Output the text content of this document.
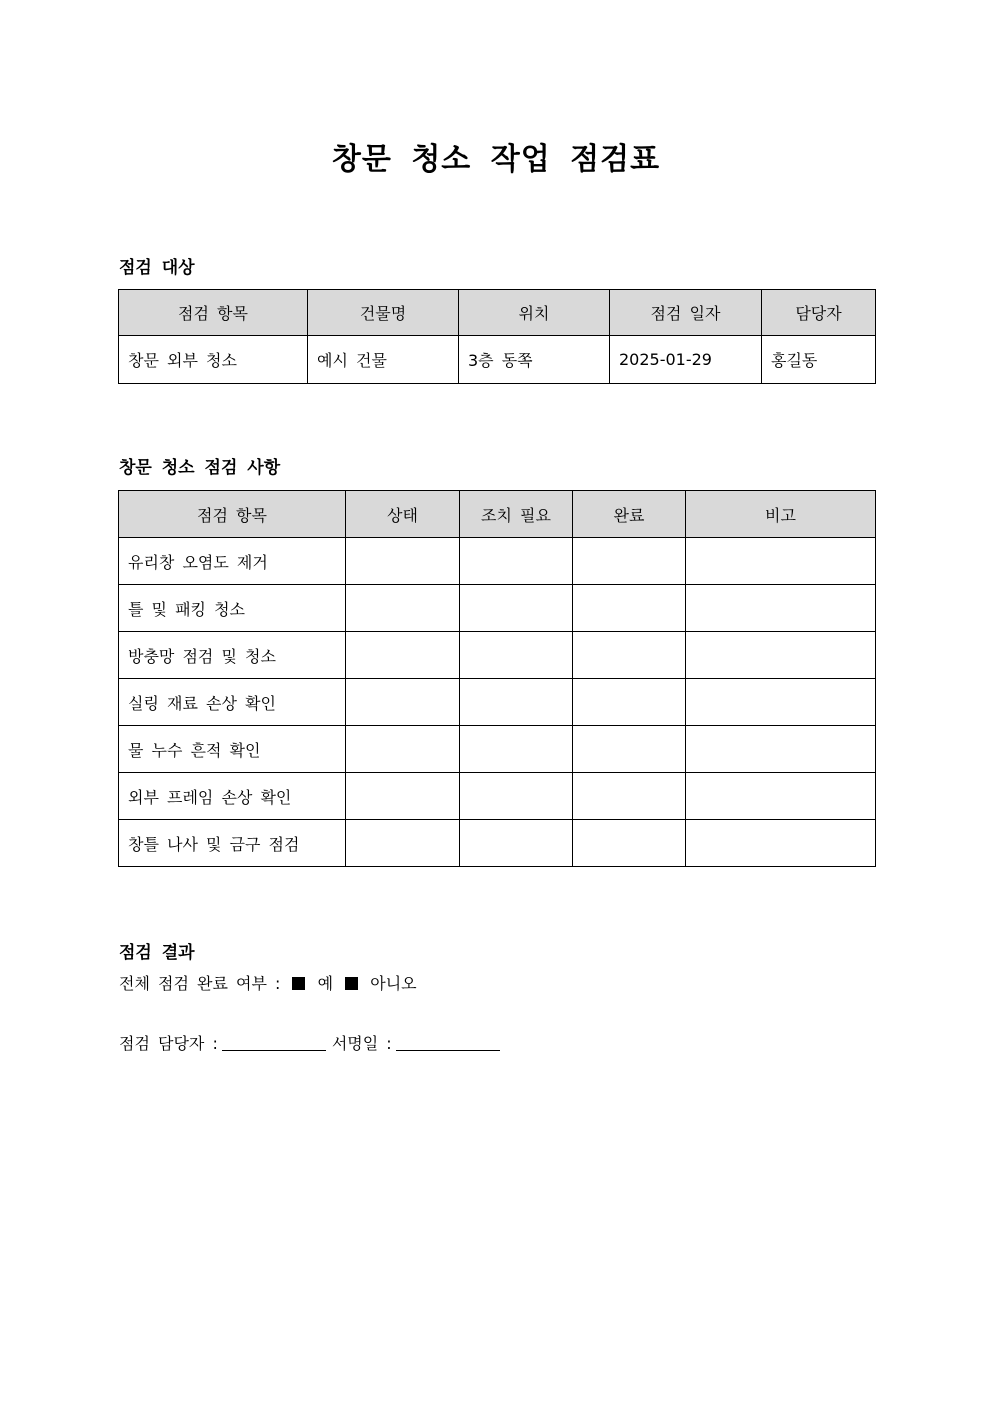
창문 청소 작업 점검표
점검 대상
점검 항목	건물명	위치	점검 일자	담당자
창문 외부 청소	예시 건물	3층 동쪽	2025-01-29	홍길동
창문 청소 점검 사항
점검 항목	상태	조치 필요	완료	비고
유리창 오염도 제거				
틀 및 패킹 청소				
방충망 점검 및 청소				
실링 재료 손상 확인				
물 누수 흔적 확인				
외부 프레임 손상 확인				
창틀 나사 및 금구 점검				
점검 결과
전체 점검 완료 여부 : 예 아니오
점검 담당자 :	서명일 :
